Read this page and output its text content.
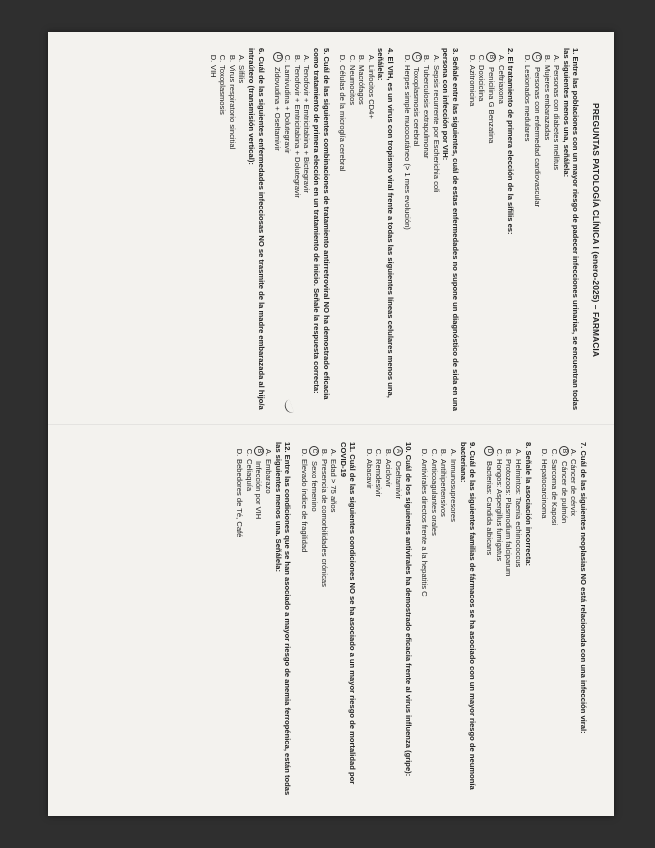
PREGUNTAS PATOLOGÍA CLÍNICA I (enero-2025) – FARMACIA
1. Entre las poblaciones con un mayor riesgo de padecer infecciones urinarias, se encuentran todas las siguientes menos una, señálela:
A.
Personas con diabetes mellitus
B.
Mujeres embarazadas
C
Personas con enfermedad cardiovascular
D.
Lesionados medulares
2. El tratamiento de primera elección de la sífilis es:
A.
Ceftriaxona
B
Penicilina G Benzatina
C.
Doxiciclina
D.
Azitromicina
3. Señale entre las siguientes, cuál de estas enfermedades no supone un diagnóstico de sida en una persona con infección por VIH:
A.
Sepsis recurrente por Escherichia coli
B.
Tuberculosis extrapulmonar
C
Toxoplasmosis cerebral
D.
Herpes simple mucocutáneo (> 1 mes evolución)
4. El VIH, es un virus con tropismo viral frente a todas las siguientes líneas celulares menos una, señálela:
A.
Linfocitos CD4+
B.
Macrófagos
C.
Neumocitos
D.
Células de la microglía cerebral
5. Cuál de las siguientes combinaciones de tratamiento antirretroviral NO ha demostrado eficacia como tratamiento de primera elección en un tratamiento de inicio. Señale la respuesta correcta:
A.
Tenofovir + Emtricitabina + Bictegravir
B.
Tenofovir + Emtricitabina + Dolutegravir
C.
Lamivudina + Dolutegravir
D
Zidovudina + Oseltamivir
6. Cuál de las siguientes enfermedades infecciosas NO se trasmite de la madre embarazada al hijo/a intraútero (transmisión vertical):
A.
Sífilis
B.
Virus respiratorio sincitial
C.
Toxoplasmosis
D.
VIH
7. Cuál de las siguientes neoplasias NO está relacionada con una infección viral:
A.
Cáncer de cérvix
B
Cáncer de pulmón
C.
Sarcoma de Kaposi
D.
Hepatocarcinoma
8. Señale la asociación incorrecta:
A.
Helmintos: Taenia echinococcus
B.
Protozoos: Plasmodium falciparum
C.
Hongos: Aspergillus fumigatus
D
Bacterias: Candida albicans
9. Cuál de las siguientes familias de fármacos se ha asociado con un mayor riesgo de neumonía bacteriana:
A.
Inmunosupresores
B.
Antihipertensivos
C.
Anticoagulantes orales
D.
Antivirales directos frente a la hepatitis C
10. Cuál de los siguientes antivirales ha demostrado eficacia frente al virus influenza (gripe):
A
Oseltamivir
B.
Aciclovir
C.
Remdesivir
D.
Abacavir
11. Cuál de las siguientes condiciones NO se ha asociado a un mayor riesgo de mortalidad por COVID-19
A.
Edad > 75 años
B.
Presencia de comorbilidades crónicas
C
Sexo femenino
D.
Elevado índice de fragilidad
12. Entre las condiciones que se han asociado a mayor riesgo de anemia ferropénica, están todas las siguientes menos una. Señálela:
A.
Embarazo
B
Infección por VIH
C.
Celiaquía
D.
Bebedores de Té, Café
